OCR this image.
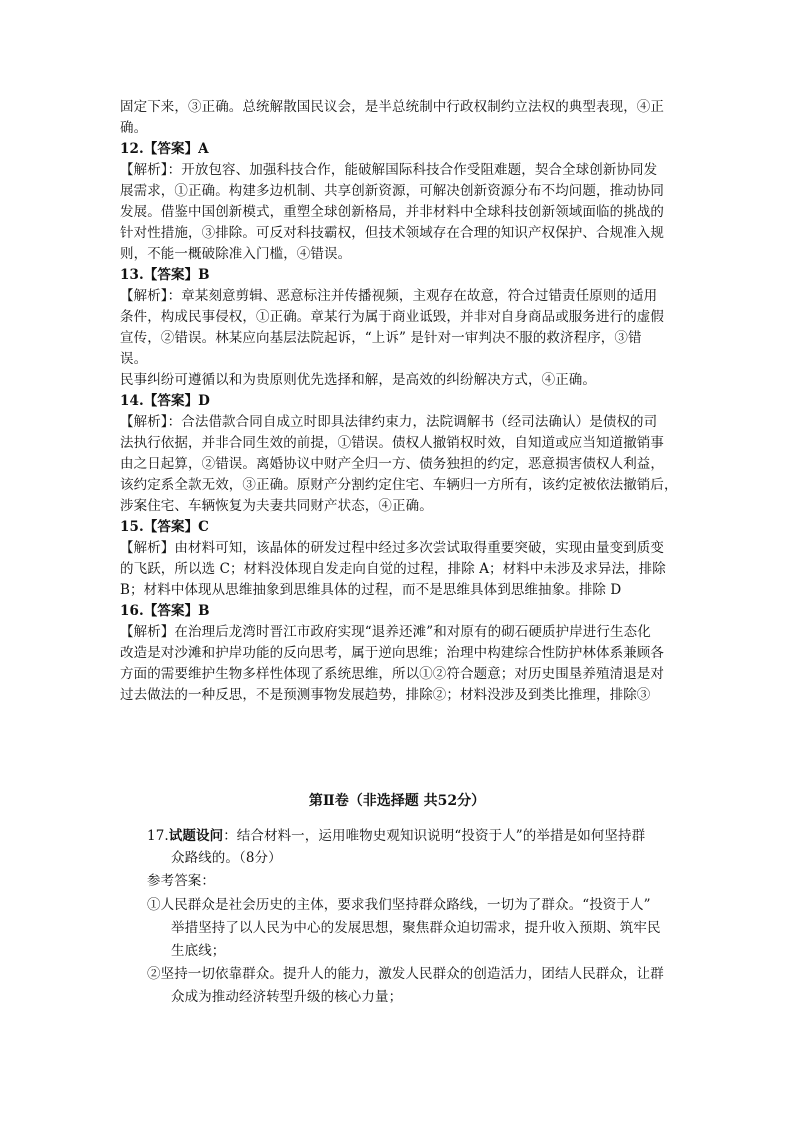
固定下来，③正确。总统解散国民议会，是半总统制中行政权制约立法权的典型表现，④正
确。
12.【答案】A
【解析】：开放包容、加强科技合作，能破解国际科技合作受阻难题，契合全球创新协同发
展需求，①正确。构建多边机制、共享创新资源，可解决创新资源分布不均问题，推动协同
发展。借鉴中国创新模式，重塑全球创新格局，并非材料中全球科技创新领域面临的挑战的
针对性措施，③排除。可反对科技霸权，但技术领域存在合理的知识产权保护、合规准入规
则，不能一概破除准入门槛，④错误。
13.【答案】B
【解析】：章某刻意剪辑、恶意标注并传播视频，主观存在故意，符合过错责任原则的适用
条件，构成民事侵权，①正确。章某行为属于商业诋毁，并非对自身商品或服务进行的虚假
宣传，②错误。林某应向基层法院起诉，“上诉” 是针对一审判决不服的救济程序，③错
误。
民事纠纷可遵循以和为贵原则优先选择和解，是高效的纠纷解决方式，④正确。
14.【答案】D
【解析】：合法借款合同自成立时即具法律约束力，法院调解书（经司法确认）是债权的司
法执行依据，并非合同生效的前提，①错误。债权人撤销权时效，自知道或应当知道撤销事
由之日起算，②错误。离婚协议中财产全归一方、债务独担的约定，恶意损害债权人利益，
该约定系全款无效，③正确。原财产分割约定住宅、车辆归一方所有，该约定被依法撤销后，
涉案住宅、车辆恢复为夫妻共同财产状态，④正确。
15.【答案】C
【解析】由材料可知，该晶体的研发过程中经过多次尝试取得重要突破，实现由量变到质变
的飞跃，所以选 C；材料没体现自发走向自觉的过程，排除 A；材料中未涉及求异法，排除
B；材料中体现从思维抽象到思维具体的过程，而不是思维具体到思维抽象。排除 D
16.【答案】B
【解析】在治理后龙湾时晋江市政府实现“退养还滩”和对原有的砌石硬质护岸进行生态化
改造是对沙滩和护岸功能的反向思考，属于逆向思维；治理中构建综合性防护林体系兼顾各
方面的需要维护生物多样性体现了系统思维，所以①②符合题意；对历史围垦养殖清退是对
过去做法的一种反思，不是预测事物发展趋势，排除②；材料没涉及到类比推理，排除③
第Ⅱ卷（非选择题 共52分）
17.试题设问：结合材料一，运用唯物史观知识说明“投资于人”的举措是如何坚持群
众路线的。（8分）
参考答案：
①人民群众是社会历史的主体，要求我们坚持群众路线，一切为了群众。“投资于人”
举措坚持了以人民为中心的发展思想，聚焦群众迫切需求，提升收入预期、筑牢民
生底线；
②坚持一切依靠群众。提升人的能力，激发人民群众的创造活力，团结人民群众，让群
众成为推动经济转型升级的核心力量；
